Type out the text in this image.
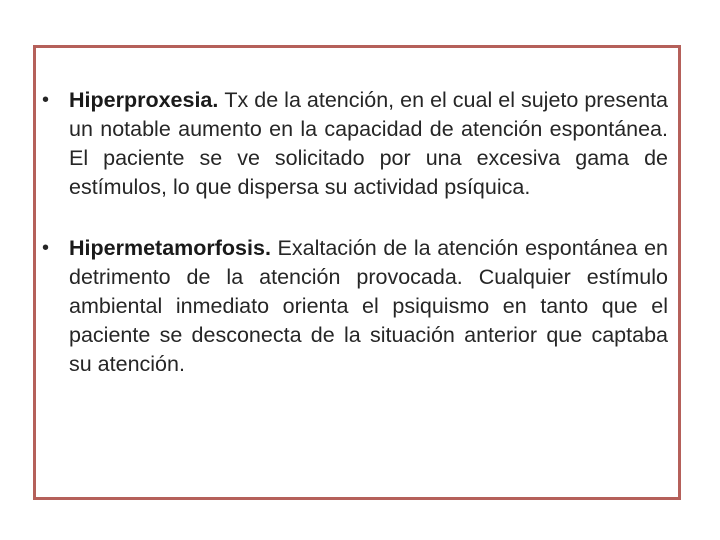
• Hiperproxesia. Tx de la atención, en el cual el sujeto presenta un notable aumento en la capacidad de atención espontánea. El paciente se ve solicitado por una excesiva gama de estímulos, lo que dispersa su actividad psíquica.
• Hipermetamorfosis. Exaltación de la atención espontánea en detrimento de la atención provocada. Cualquier estímulo ambiental inmediato orienta el psiquismo en tanto que el paciente se desconecta de la situación anterior que captaba su atención.
